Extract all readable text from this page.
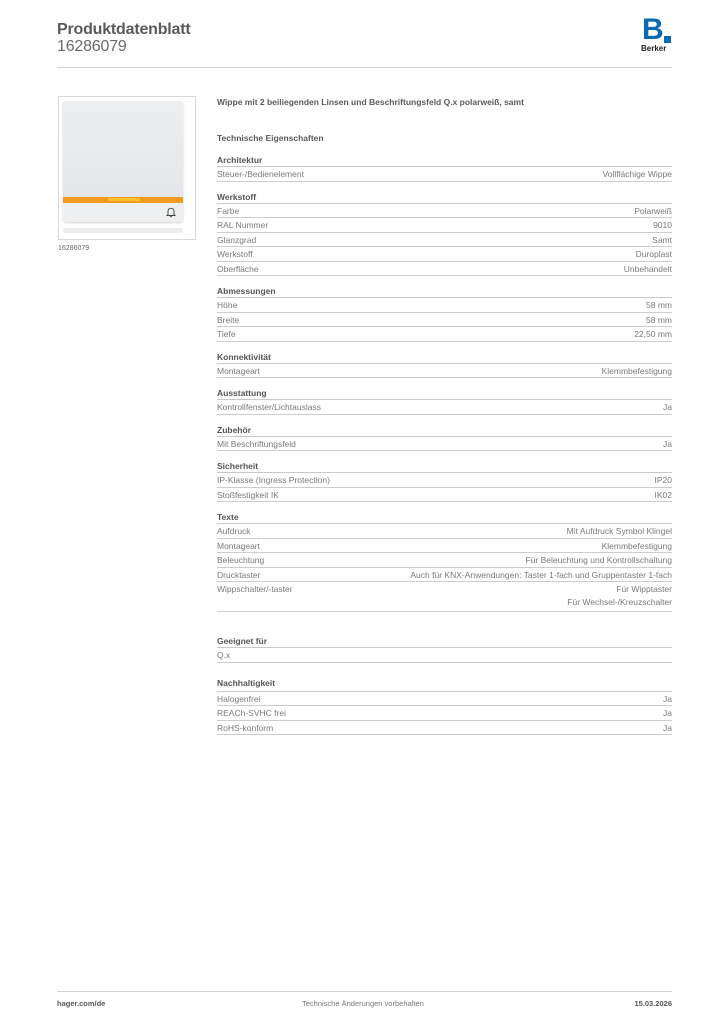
Produktdatenblatt
16286079
B
Berker
16286079
Wippe mit 2 beiliegenden Linsen und Beschriftungsfeld Q.x polarweiß, samt
Technische Eigenschaften
Architektur
Steuer-/Bedienelement	Vollflächige Wippe
Werkstoff
Farbe	Polarweiß
RAL Nummer	9010
Glanzgrad	Samt
Werkstoff	Duroplast
Oberfläche	Unbehandelt
Abmessungen
Höhe	58 mm
Breite	58 mm
Tiefe	22,50 mm
Konnektivität
Montageart	Klemmbefestigung
Ausstattung
Kontrollfenster/Lichtauslass	Ja
Zubehör
Mit Beschriftungsfeld	Ja
Sicherheit
IP-Klasse (Ingress Protection)	IP20
Stoßfestigkeit IK	IK02
Texte
Aufdruck	Mit Aufdruck Symbol Klingel
Montageart	Klemmbefestigung
Beleuchtung	Für Beleuchtung und Kontrollschaltung
Drucktaster	Auch für KNX-Anwendungen: Taster 1-fach und Gruppentaster 1-fach
Wippschalter/-taster	Für Wipptaster
Für Wechsel-/Kreuzschalter
Geeignet für
Q.x
Nachhaltigkeit
Halogenfrei	Ja
REACh-SVHC frei	Ja
RoHS-konform	Ja
hager.com/de	Technische Änderungen vorbehalten	15.03.2026
